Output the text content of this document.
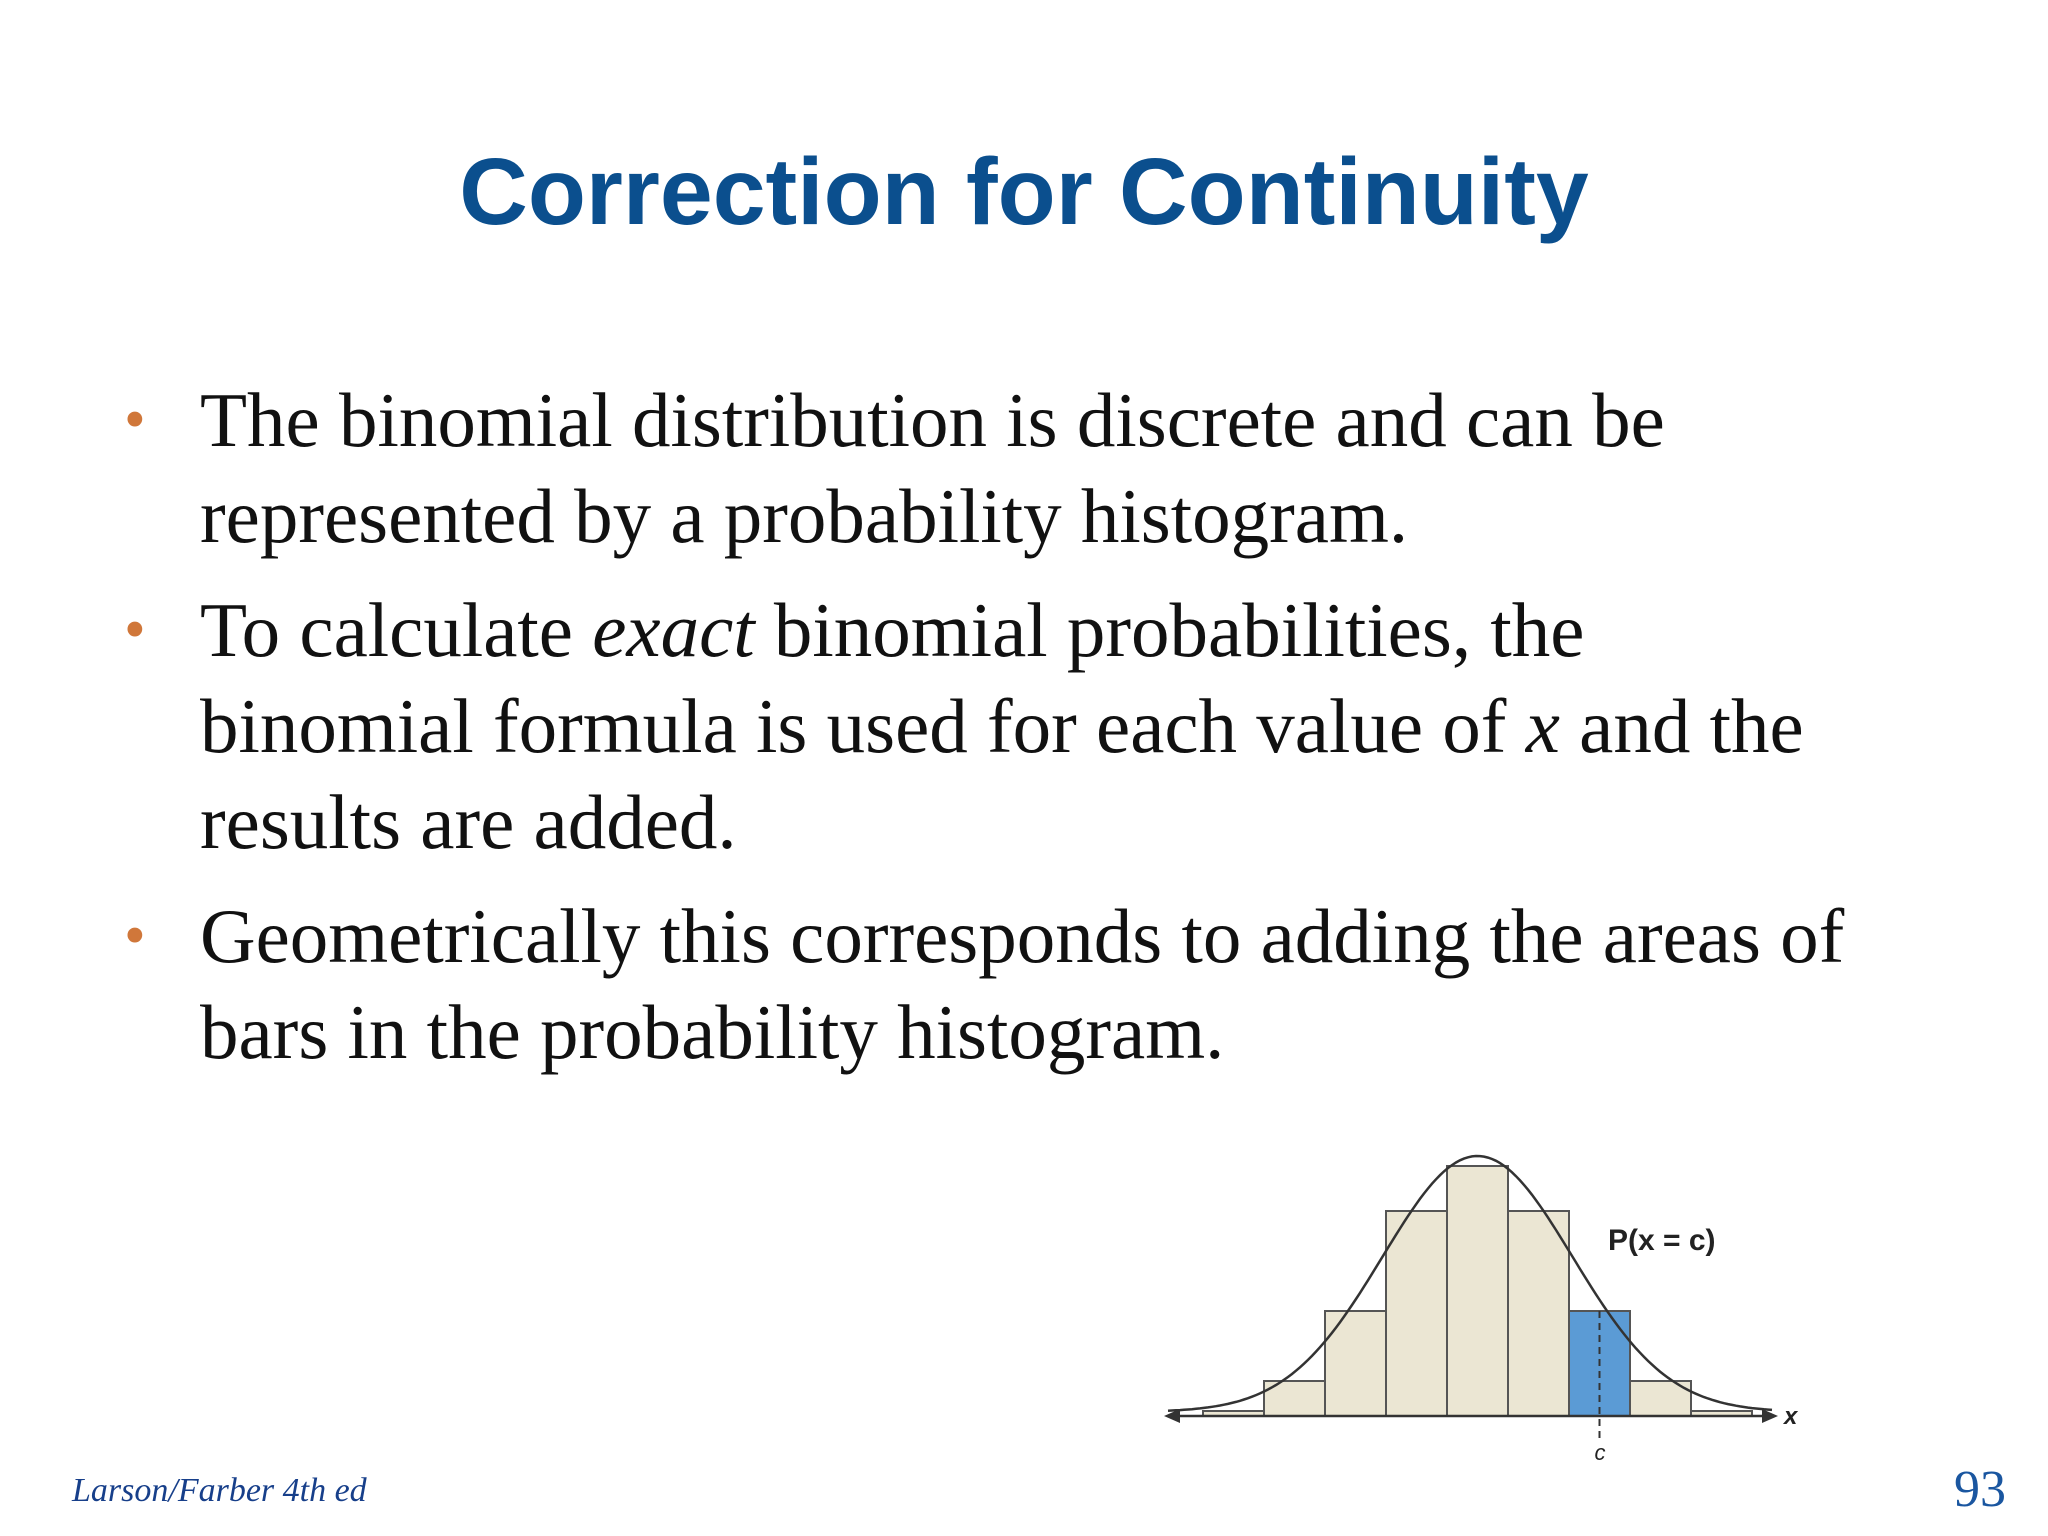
Correction for Continuity
• The binomial distribution is discrete and can be
represented by a probability histogram.
• To calculate exact binomial probabilities, the
binomial formula is used for each value of x and the
results are added.
• Geometrically this corresponds to adding the areas of
bars in the probability histogram.
P(x = c)
c
x
Larson/Farber 4th ed	93
